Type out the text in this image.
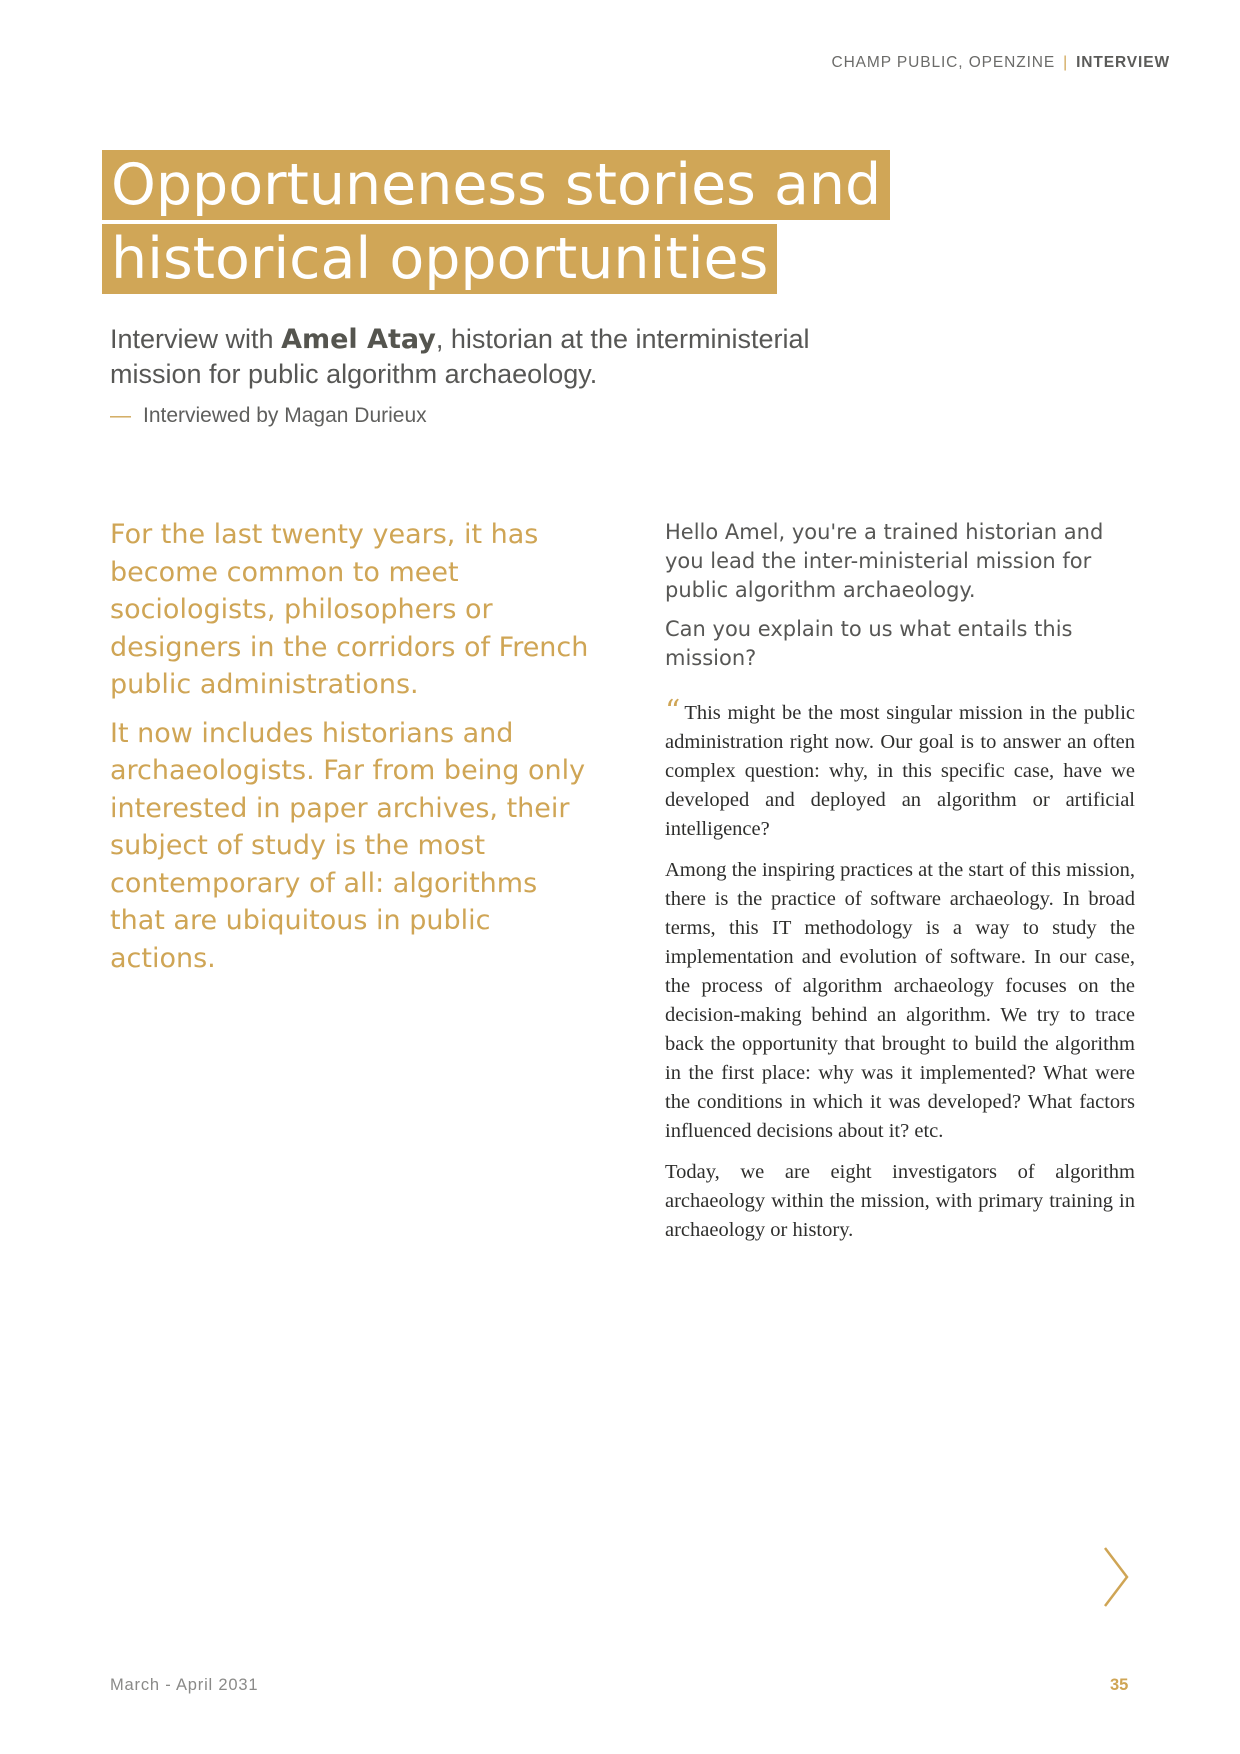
CHAMP PUBLIC, OPENZINE | INTERVIEW
Opportuneness stories and
historical opportunities
Interview with Amel Atay, historian at the interministerial mission for public algorithm archaeology.
— Interviewed by Magan Durieux

For the last twenty years, it has become common to meet sociologists, philosophers or designers in the corridors of French public administrations.

It now includes historians and archaeologists. Far from being only interested in paper archives, their subject of study is the most contemporary of all: algorithms that are ubiquitous in public actions.

Hello Amel, you're a trained historian and you lead the inter-ministerial mission for public algorithm archaeology.

Can you explain to us what entails this mission?

“ This might be the most singular mission in the public administration right now. Our goal is to answer an often complex question: why, in this specific case, have we developed and deployed an algorithm or artificial intelligence?

Among the inspiring practices at the start of this mission, there is the practice of software archaeology. In broad terms, this IT methodology is a way to study the implementation and evolution of software. In our case, the process of algorithm archaeology focuses on the decision-making behind an algorithm. We try to trace back the opportunity that brought to build the algorithm in the first place: why was it implemented? What were the conditions in which it was developed? What factors influenced decisions about it? etc.

Today, we are eight investigators of algorithm archaeology within the mission, with primary training in archaeology or history.

March - April 2031	35
